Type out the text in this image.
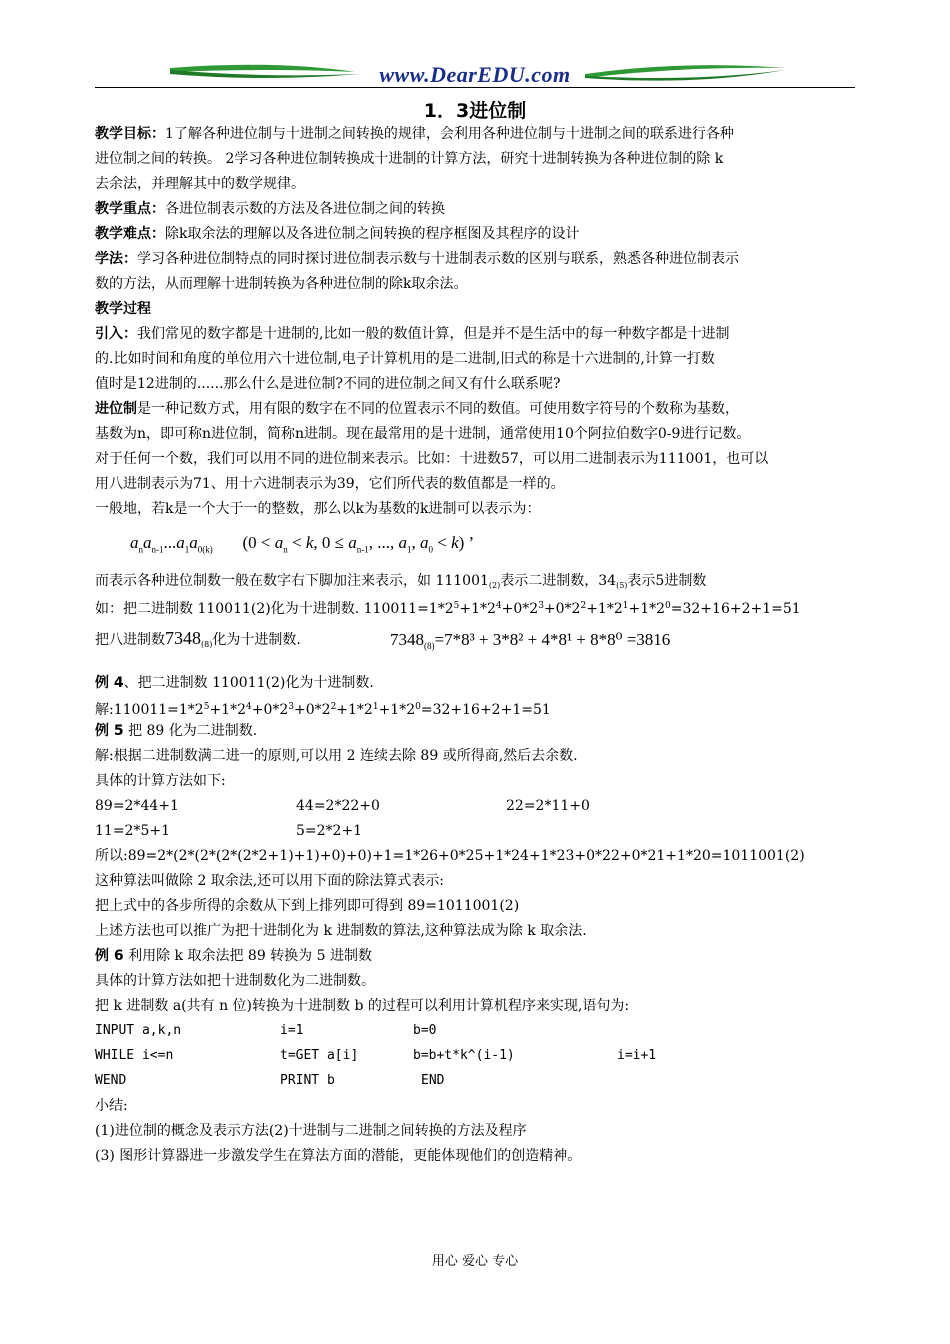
www.DearEDU.com
1．3进位制
教学目标：1了解各种进位制与十进制之间转换的规律，会利用各种进位制与十进制之间的联系进行各种
进位制之间的转换。 2学习各种进位制转换成十进制的计算方法，研究十进制转换为各种进位制的除 k
去余法，并理解其中的数学规律。
教学重点：各进位制表示数的方法及各进位制之间的转换
教学难点：除k取余法的理解以及各进位制之间转换的程序框图及其程序的设计
学法：学习各种进位制特点的同时探讨进位制表示数与十进制表示数的区别与联系，熟悉各种进位制表示
数的方法，从而理解十进制转换为各种进位制的除k取余法。
教学过程
引入：我们常见的数字都是十进制的,比如一般的数值计算，但是并不是生活中的每一种数字都是十进制
的.比如时间和角度的单位用六十进位制,电子计算机用的是二进制,旧式的称是十六进制的,计算一打数
值时是12进制的......那么什么是进位制?不同的进位制之间又有什么联系呢?
进位制是一种记数方式，用有限的数字在不同的位置表示不同的数值。可使用数字符号的个数称为基数，
基数为n，即可称n进位制，简称n进制。现在最常用的是十进制，通常使用10个阿拉伯数字0-9进行记数。
对于任何一个数，我们可以用不同的进位制来表示。比如：十进数57，可以用二进制表示为111001，也可以
用八进制表示为71、用十六进制表示为39，它们所代表的数值都是一样的。
一般地，若k是一个大于一的整数，那么以k为基数的k进制可以表示为：
$a_na_{n-1}...a_1a_{0(k)}$       ($0 < a_n < k$, $0 \le a_{n-1}$, ..., $a_1$, $a_0 < k$) ’
而表示各种进位制数一般在数字右下脚加注来表示，如 $111001_{(2)}$表示二进制数，$34_{(5)}$表示5进制数
如：把二进制数 110011(2)化为十进制数. $110011=1*2^5+1*2^4+0*2^3+0*2^2+1*2^1+1*2^0=32+16+2+1=51$
把八进制数$7348_{(8)}$化为十进制数.	$7348_{(8)}=7*8^3 + 3*8^2 + 4*8^1 + 8*8^0 =3816$
例 4、把二进制数 110011(2)化为十进制数.
解$:110011=1*2^5+1*2^4+0*2^3+0*2^2+1*2^1+1*2^0=32+16+2+1=51$
例 5 把 89 化为二进制数.
解:根据二进制数满二进一的原则,可以用 2 连续去除 89 或所得商,然后去余数.
具体的计算方法如下:
89=2*44+1	44=2*22+0	22=2*11+0
11=2*5+1	5=2*2+1
所以:89=2*(2*(2*(2*(2*2+1)+1)+0)+0)+1=1*26+0*25+1*24+1*23+0*22+0*21+1*20=1011001(2)
这种算法叫做除 2 取余法,还可以用下面的除法算式表示:
把上式中的各步所得的余数从下到上排列即可得到 89=1011001(2)
上述方法也可以推广为把十进制化为 k 进制数的算法,这种算法成为除 k 取余法.
例 6 利用除 k 取余法把 89 转换为 5 进制数
具体的计算方法如把十进制数化为二进制数。
把 k 进制数 a(共有 n 位)转换为十进制数 b 的过程可以利用计算机程序来实现,语句为:
INPUT a,k,n	i=1	b=0
WHILE i<=n	t=GET a[i]	b=b+t*k^(i-1)	i=i+1
WEND	PRINT b	END
小结:
(1)进位制的概念及表示方法(2)十进制与二进制之间转换的方法及程序
(3) 图形计算器进一步激发学生在算法方面的潜能，更能体现他们的创造精神。
用心 爱心 专心
